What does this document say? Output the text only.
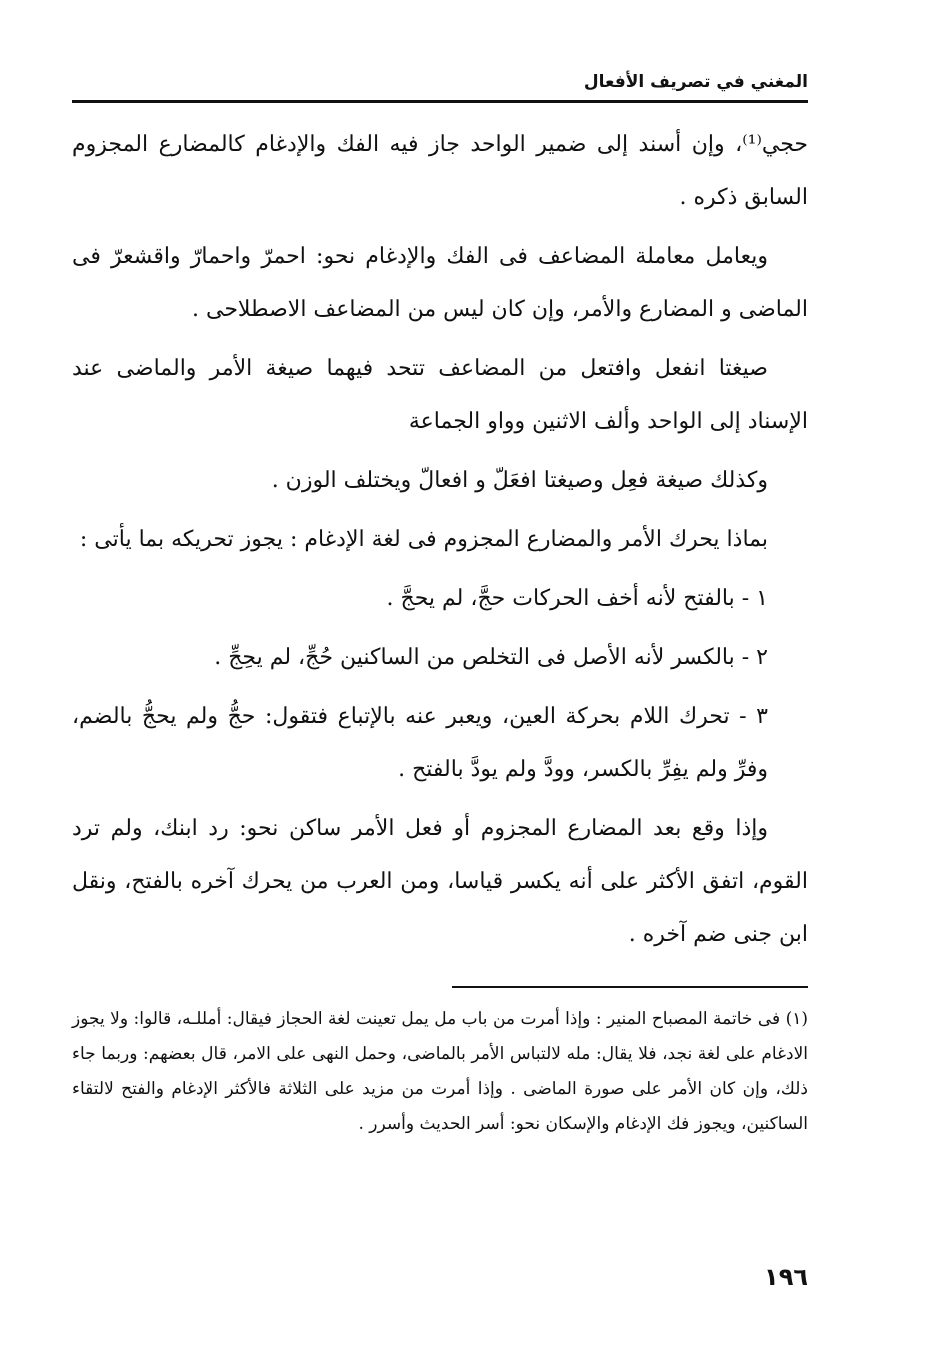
المغني في تصريف الأفعال

حجي⁽¹⁾، وإن أسند إلى ضمير الواحد جاز فيه الفك والإدغام كالمضارع المجزوم السابق ذكره .

ويعامل معاملة المضاعف فى الفك والإدغام نحو: احمرّ واحمارّ واقشعرّ فى الماضى و المضارع والأمر، وإن كان ليس من المضاعف الاصطلاحى .

صيغتا انفعل وافتعل من المضاعف تتحد فيهما صيغة الأمر والماضى عند الإسناد إلى الواحد وألف الاثنين وواو الجماعة

وكذلك صيغة فعِل وصيغتا افعَلّ و افعالّ ويختلف الوزن .

بماذا يحرك الأمر والمضارع المجزوم فى لغة الإدغام : يجوز تحريكه بما يأتى :

١ - بالفتح لأنه أخف الحركات حجَّ، لم يحجَّ .

٢ - بالكسر لأنه الأصل فى التخلص من الساكنين حُجِّ، لم يحِجِّ .

٣ - تحرك اللام بحركة العين، ويعبر عنه بالإتباع فتقول: حجُّ ولم يحجُّ بالضم، وفرِّ ولم يفِرِّ بالكسر، وودَّ ولم يودَّ بالفتح .

وإذا وقع بعد المضارع المجزوم أو فعل الأمر ساكن نحو: رد ابنك، ولم ترد القوم، اتفق الأكثر على أنه يكسر قياسا، ومن العرب من يحرك آخره بالفتح، ونقل ابن جنى ضم آخره .

(١) فى خاتمة المصباح المنير : وإذا أمرت من باب مل يمل تعينت لغة الحجاز فيقال: أمللـه، قالوا: ولا يجوز الادغام على لغة نجد، فلا يقال: مله لالتباس الأمر بالماضى، وحمل النهى على الامر، قال بعضهم: وربما جاء ذلك، وإن كان الأمر على صورة الماضى . وإذا أمرت من مزيد على الثلاثة فالأكثر الإدغام والفتح لالتقاء الساكنين، ويجوز فك الإدغام والإسكان نحو: أسر الحديث وأسرر .

١٩٦
